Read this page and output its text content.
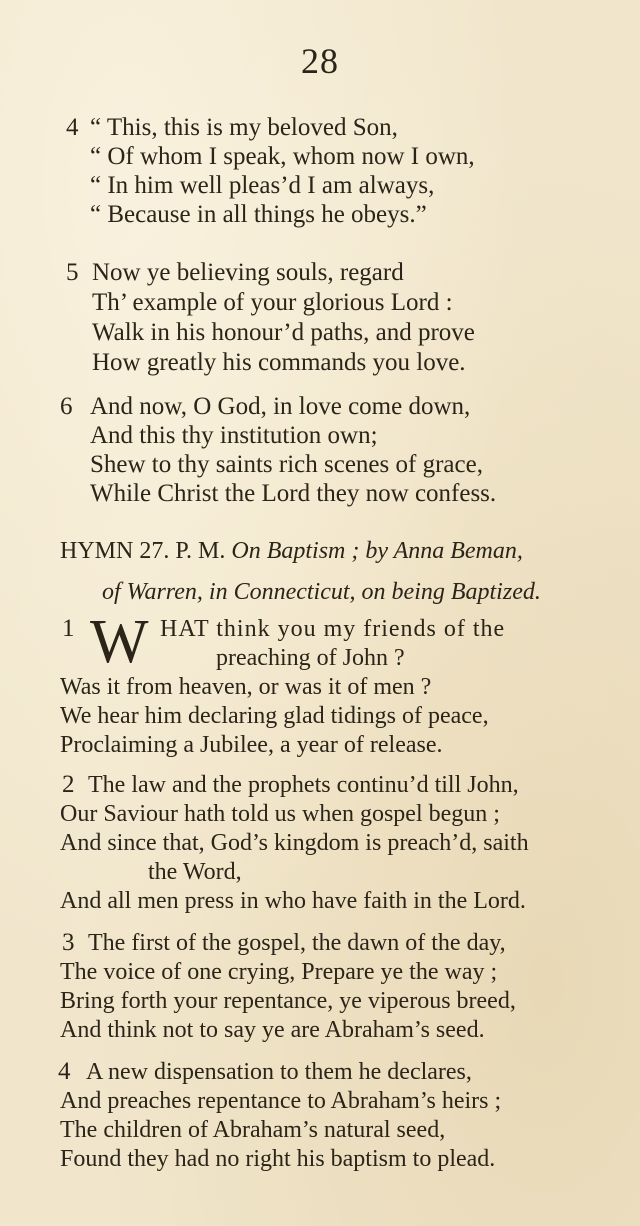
28
4 “ This, this is my beloved Son,
“ Of whom I speak, whom now I own,
“ In him well pleas’d I am always,
“ Because in all things he obeys.”
5 Now ye believing souls, regard
Th’ example of your glorious Lord :
Walk in his honour’d paths, and prove
How greatly his commands you love.
6 And now, O God, in love come down,
And this thy institution own;
Shew to thy saints rich scenes of grace,
While Christ the Lord they now confess.
HYMN 27. P. M. On Baptism ; by Anna Beman,
of Warren, in Connecticut, on being Baptized.
1 W HAT think you my friends of the
preaching of John ?
Was it from heaven, or was it of men ?
We hear him declaring glad tidings of peace,
Proclaiming a Jubilee, a year of release.
2 The law and the prophets continu’d till John,
Our Saviour hath told us when gospel begun ;
And since that, God’s kingdom is preach’d, saith
the Word,
And all men press in who have faith in the Lord.
3 The first of the gospel, the dawn of the day,
The voice of one crying, Prepare ye the way ;
Bring forth your repentance, ye viperous breed,
And think not to say ye are Abraham’s seed.
4 A new dispensation to them he declares,
And preaches repentance to Abraham’s heirs ;
The children of Abraham’s natural seed,
Found they had no right his baptism to plead.
